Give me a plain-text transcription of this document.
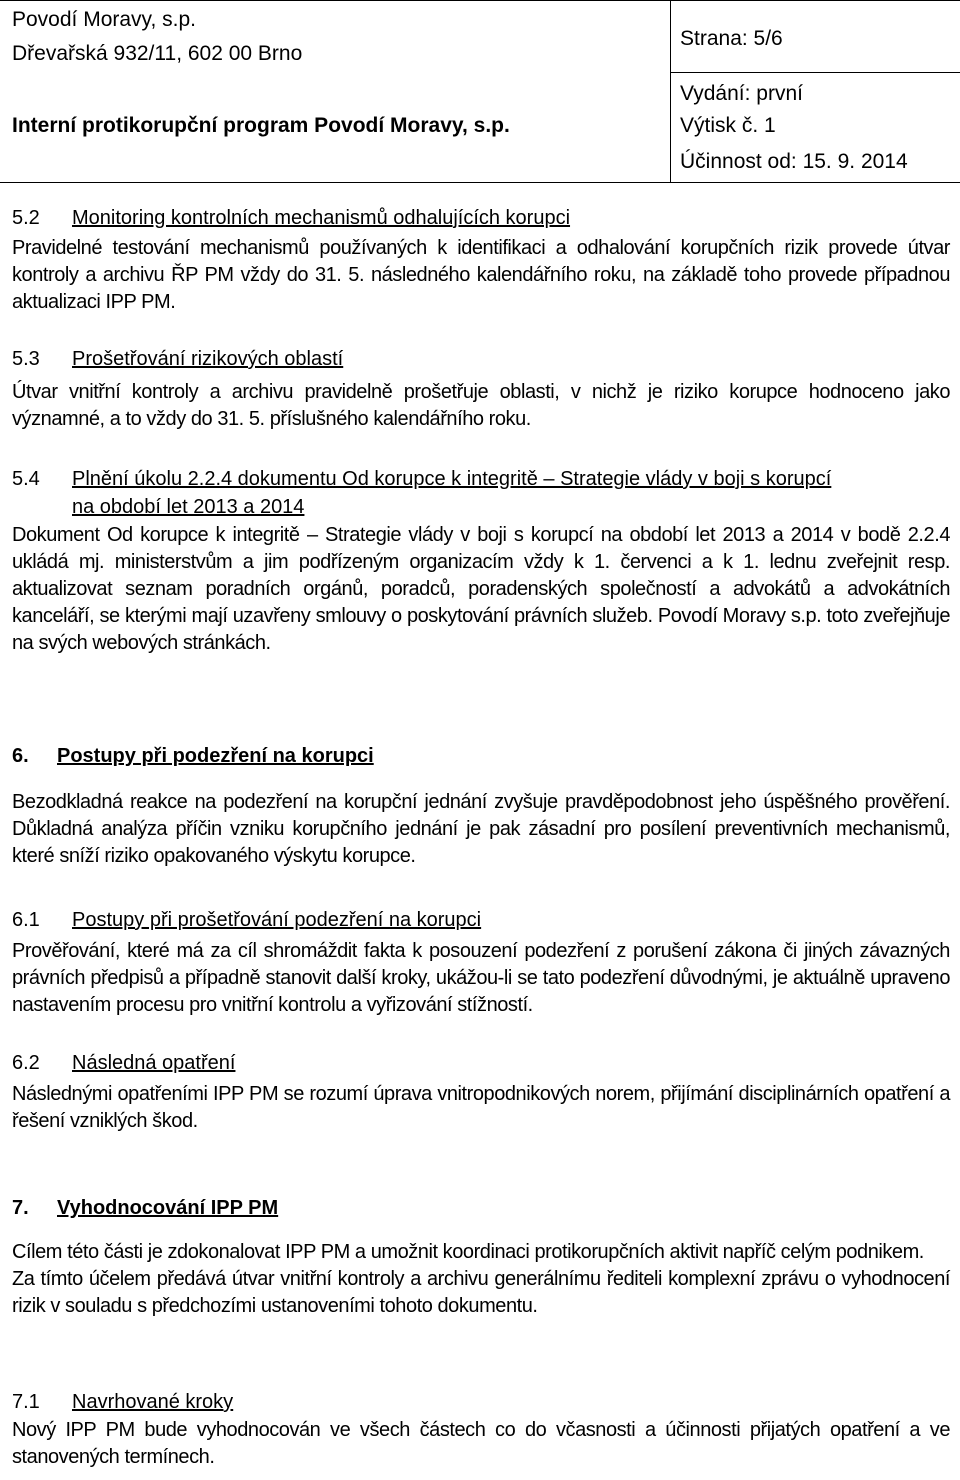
Povodí Moravy, s.p.
Dřevařská 932/11, 602 00 Brno
Interní protikorupční program Povodí Moravy, s.p.
Strana: 5/6
Vydání: první
Výtisk č. 1
Účinnost od: 15. 9. 2014
5.2 Monitoring kontrolních mechanismů odhalujících korupci
Pravidelné testování mechanismů používaných k identifikaci a odhalování korupčních rizik provede útvar kontroly a archivu ŘP PM vždy do 31. 5. následného kalendářního roku, na základě toho provede případnou aktualizaci IPP PM.
5.3 Prošetřování rizikových oblastí
Útvar vnitřní kontroly a archivu pravidelně prošetřuje oblasti, v nichž je riziko korupce hodnoceno jako významné, a to vždy do 31. 5. příslušného kalendářního roku.
5.4 Plnění úkolu 2.2.4 dokumentu Od korupce k integritě – Strategie vlády v boji s korupcí
na období let 2013 a 2014
Dokument Od korupce k integritě – Strategie vlády v boji s korupcí na období let 2013 a 2014 v bodě 2.2.4 ukládá mj. ministerstvům a jim podřízeným organizacím vždy k 1. červenci a k 1. lednu zveřejnit resp. aktualizovat seznam poradních orgánů, poradců, poradenských společností a advokátů a advokátních kanceláří, se kterými mají uzavřeny smlouvy o poskytování právních služeb. Povodí Moravy s.p. toto zveřejňuje na svých webových stránkách.
6. Postupy při podezření na korupci
Bezodkladná reakce na podezření na korupční jednání zvyšuje pravděpodobnost jeho úspěšného prověření. Důkladná analýza příčin vzniku korupčního jednání je pak zásadní pro posílení preventivních mechanismů, které sníží riziko opakovaného výskytu korupce.
6.1 Postupy při prošetřování podezření na korupci
Prověřování, které má za cíl shromáždit fakta k posouzení podezření z porušení zákona či jiných závazných právních předpisů a případně stanovit další kroky, ukážou-li se tato podezření důvodnými, je aktuálně upraveno nastavením procesu pro vnitřní kontrolu a vyřizování stížností.
6.2 Následná opatření
Následnými opatřeními IPP PM se rozumí úprava vnitropodnikových norem, přijímání disciplinárních opatření a řešení vzniklých škod.
7. Vyhodnocování IPP PM
Cílem této části je zdokonalovat IPP PM a umožnit koordinaci protikorupčních aktivit napříč celým podnikem.
Za tímto účelem předává útvar vnitřní kontroly a archivu generálnímu řediteli komplexní zprávu o vyhodnocení rizik v souladu s předchozími ustanoveními tohoto dokumentu.
7.1 Navrhované kroky
Nový IPP PM bude vyhodnocován ve všech částech co do včasnosti a účinnosti přijatých opatření a ve stanovených termínech.
